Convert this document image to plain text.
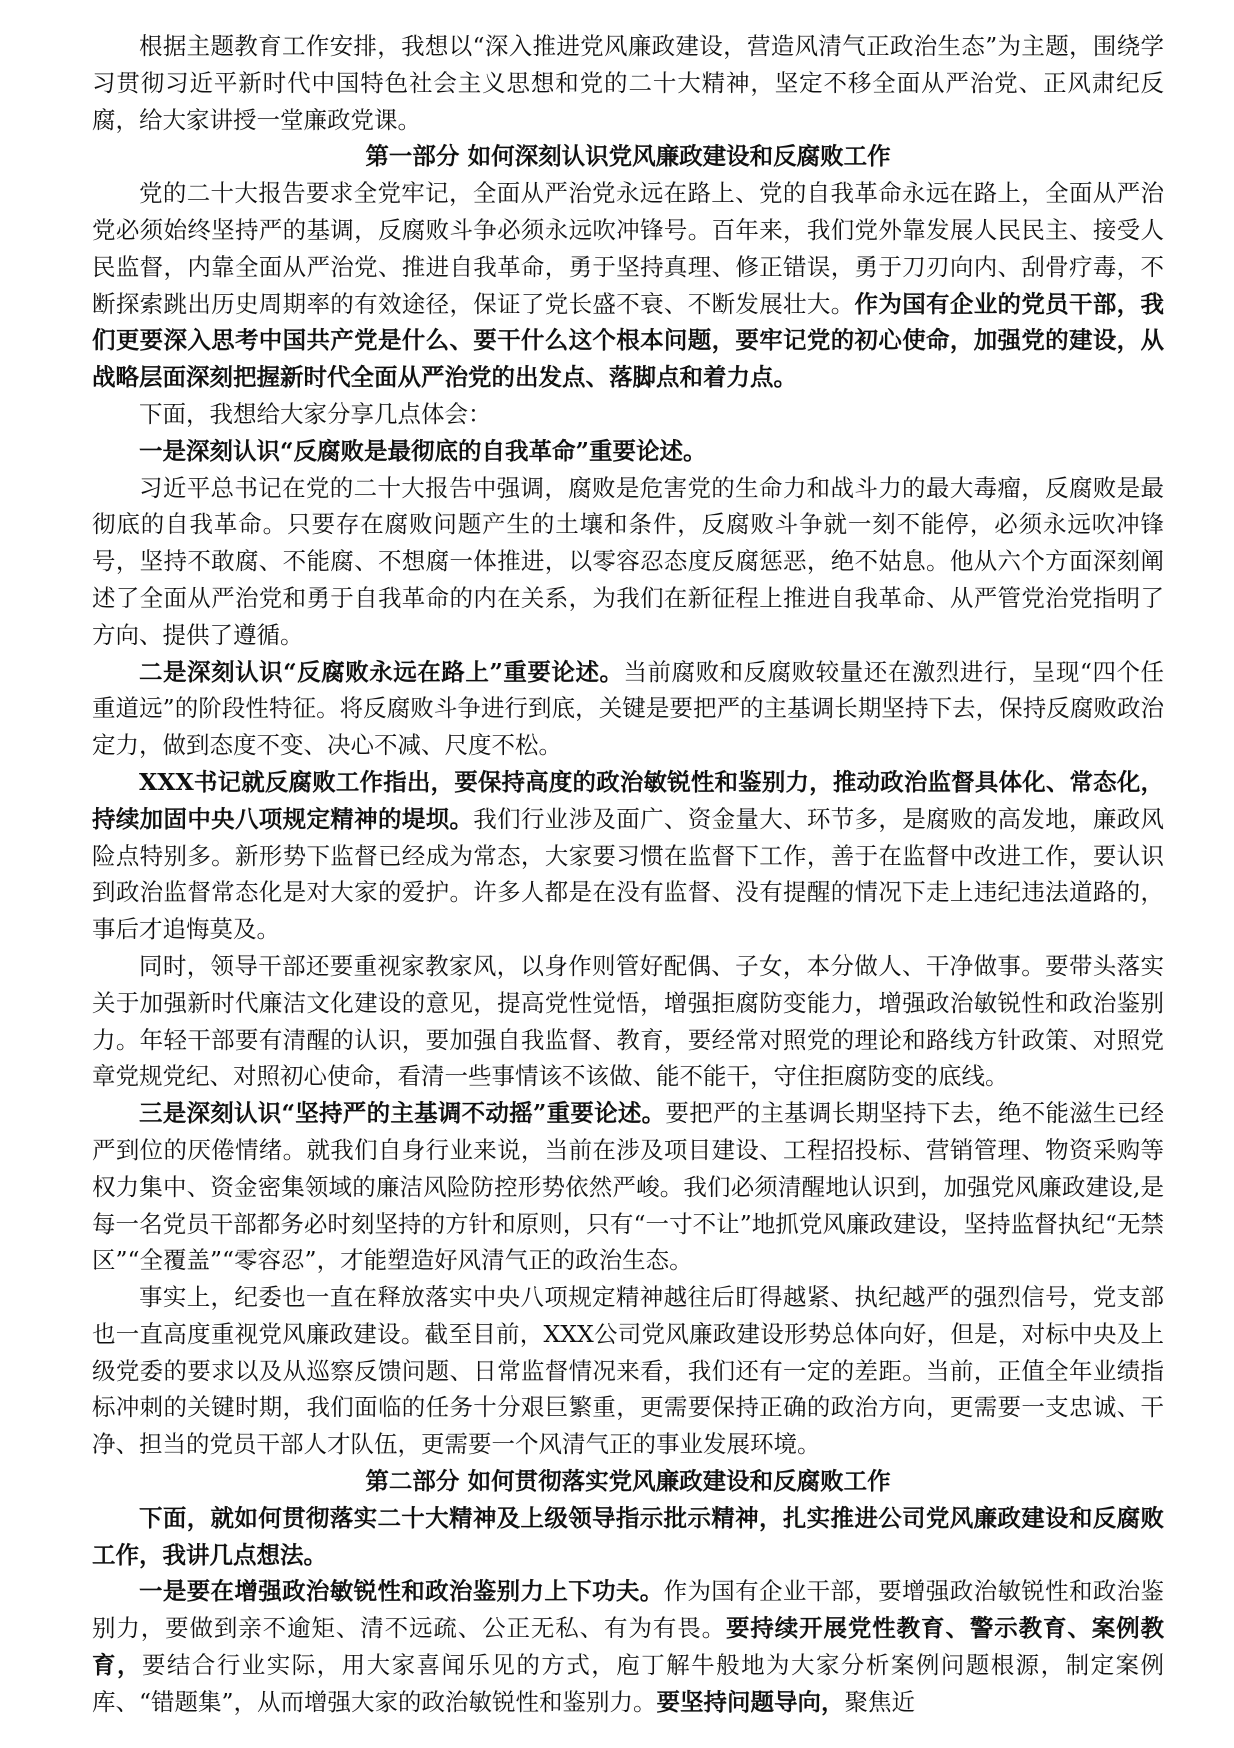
根据主题教育工作安排，我想以“深入推进党风廉政建设，营造风清气正政治生态”为主题，围绕学习贯彻习近平新时代中国特色社会主义思想和党的二十大精神，坚定不移全面从严治党、正风肃纪反腐，给大家讲授一堂廉政党课。

第一部分 如何深刻认识党风廉政建设和反腐败工作

党的二十大报告要求全党牢记，全面从严治党永远在路上、党的自我革命永远在路上，全面从严治党必须始终坚持严的基调，反腐败斗争必须永远吹冲锋号。百年来，我们党外靠发展人民民主、接受人民监督，内靠全面从严治党、推进自我革命，勇于坚持真理、修正错误，勇于刀刃向内、刮骨疗毒，不断探索跳出历史周期率的有效途径，保证了党长盛不衰、不断发展壮大。作为国有企业的党员干部，我们更要深入思考中国共产党是什么、要干什么这个根本问题，要牢记党的初心使命，加强党的建设，从战略层面深刻把握新时代全面从严治党的出发点、落脚点和着力点。

下面，我想给大家分享几点体会：

一是深刻认识“反腐败是最彻底的自我革命”重要论述。

习近平总书记在党的二十大报告中强调，腐败是危害党的生命力和战斗力的最大毒瘤，反腐败是最彻底的自我革命。只要存在腐败问题产生的土壤和条件，反腐败斗争就一刻不能停，必须永远吹冲锋号，坚持不敢腐、不能腐、不想腐一体推进，以零容忍态度反腐惩恶，绝不姑息。他从六个方面深刻阐述了全面从严治党和勇于自我革命的内在关系，为我们在新征程上推进自我革命、从严管党治党指明了方向、提供了遵循。

二是深刻认识“反腐败永远在路上”重要论述。当前腐败和反腐败较量还在激烈进行，呈现“四个任重道远”的阶段性特征。将反腐败斗争进行到底，关键是要把严的主基调长期坚持下去，保持反腐败政治定力，做到态度不变、决心不减、尺度不松。

XXX书记就反腐败工作指出，要保持高度的政治敏锐性和鉴别力，推动政治监督具体化、常态化，持续加固中央八项规定精神的堤坝。我们行业涉及面广、资金量大、环节多，是腐败的高发地，廉政风险点特别多。新形势下监督已经成为常态，大家要习惯在监督下工作，善于在监督中改进工作，要认识到政治监督常态化是对大家的爱护。许多人都是在没有监督、没有提醒的情况下走上违纪违法道路的，事后才追悔莫及。

同时，领导干部还要重视家教家风，以身作则管好配偶、子女，本分做人、干净做事。要带头落实关于加强新时代廉洁文化建设的意见，提高党性觉悟，增强拒腐防变能力，增强政治敏锐性和政治鉴别力。年轻干部要有清醒的认识，要加强自我监督、教育，要经常对照党的理论和路线方针政策、对照党章党规党纪、对照初心使命，看清一些事情该不该做、能不能干，守住拒腐防变的底线。

三是深刻认识“坚持严的主基调不动摇”重要论述。要把严的主基调长期坚持下去，绝不能滋生已经严到位的厌倦情绪。就我们自身行业来说，当前在涉及项目建设、工程招投标、营销管理、物资采购等权力集中、资金密集领域的廉洁风险防控形势依然严峻。我们必须清醒地认识到，加强党风廉政建设,是每一名党员干部都务必时刻坚持的方针和原则，只有“一寸不让”地抓党风廉政建设，坚持监督执纪“无禁区”“全覆盖”“零容忍”，才能塑造好风清气正的政治生态。

事实上，纪委也一直在释放落实中央八项规定精神越往后盯得越紧、执纪越严的强烈信号，党支部也一直高度重视党风廉政建设。截至目前，XXX公司党风廉政建设形势总体向好，但是，对标中央及上级党委的要求以及从巡察反馈问题、日常监督情况来看，我们还有一定的差距。当前，正值全年业绩指标冲刺的关键时期，我们面临的任务十分艰巨繁重，更需要保持正确的政治方向，更需要一支忠诚、干净、担当的党员干部人才队伍，更需要一个风清气正的事业发展环境。

第二部分 如何贯彻落实党风廉政建设和反腐败工作

下面，就如何贯彻落实二十大精神及上级领导指示批示精神，扎实推进公司党风廉政建设和反腐败工作，我讲几点想法。

一是要在增强政治敏锐性和政治鉴别力上下功夫。作为国有企业干部，要增强政治敏锐性和政治鉴别力，要做到亲不逾矩、清不远疏、公正无私、有为有畏。要持续开展党性教育、警示教育、案例教育，要结合行业实际，用大家喜闻乐见的方式，庖丁解牛般地为大家分析案例问题根源，制定案例库、“错题集”，从而增强大家的政治敏锐性和鉴别力。要坚持问题导向，聚焦近
